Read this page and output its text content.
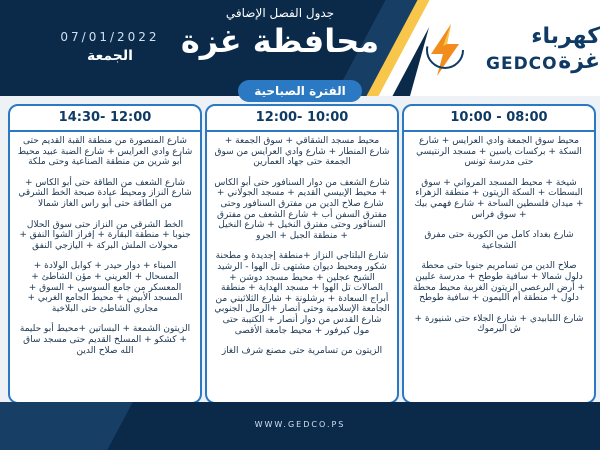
كهرباء غزة
GEDCO
جدول الفصل الإضافي
07/01/2022
الجمعة	محافظة غزة
الفترة الصباحية
14:30- 12:00
شارع المنصورة من منطقة القبة القديم حتى شارع وادي العرايس + شارع الضبة عبيد محيط أبو شرين من منطقة الصناعية وحتى ملكة
شارع الشعف من الطاقة حتى أبو الكاس + شارع النزاز ومحيط عيادة صبحة الخط الشرقي من الطاقة حتى أبو راس الغاز شمالا
الخط الشرقي من النزاز حتى سوق الحلال جنوبا + منطقة البقارة + إفراز الشوا النفق + محولات الملش البركة + اليازجي النفق
الميناء + دوار حيدر + كوابل الولادة + المسحال + العريني + مؤن الشاطئ + المعسكر من جامع السوسي + السوق + المسجد الأبيض + محيط الجامع الغربي + مجاري الشاطئ حتى البلاخية
الزيتون الشمعة + البساتين +محيط أبو حليمة + كشكو + المسلخ القديم حتى مسجد ساق الله صلاح الدين
12:00- 10:00
محيط مسجد الشقاقي + سوق الجمعة + شارع المنطار + شارع وادي العرايس من سوق الجمعة حتى جهاد العمارين
شارع الشعف من دوار السنافور حتى أبو الكاس + محيط الإبيسي القديم + مسجد الجولاني + شارع صلاح الدين من مفترق السنافور وحتى مفترق السفن أب + شارع الشعف من مفترق السنافور وحتى مفترق النخيل + شارع النخيل + منطقة الجبل + الجرو
شارع البلتاجي النزاز +منطقة إجديدة و مطحنة شكور ومحيط ديوان مشتهى تل الهوا - الرشيد الشيخ عجلين + محيط مسجد دوشن + الصالات تل الهوا + مسجد الهداية + منطقة أبراج السعادة + برشلونة + شارع الثلاثيني من الجامعة الإسلامية وحتى أنصار +الرمال الجنوبي شارع القدس من دوار أنصار + الكتيبة حتى مول كيرفور + محيط جامعة الأقصى
الزيتون من تسامرية حتى مصنع شرف الغاز
10:00 - 08:00
محيط سوق الجمعة وادي العرايس + شارع السكة + بركسات ياسين + مسجد الرنتيسي حتى مدرسة تونس
شيخة + محيط المسجد المرواني + سوق البسطات + السكة الزيتون + منطقة الزهراء + ميدان فلسطين الساحة + شارع فهمي بيك + سوق فراس
شارع بغداد كامل من الكوربة حتى مفرق الشجاعية
صلاح الدين من تسامريم جنوبا حتى محطة دلول شمالا + سافية طوطح + مدرسة عليين + أرض البرعصي الزيتون الغربية محيط محطة دلول + منطقة أم الليمون + سافية طوطح
شارع اللبابيدي + شارع الجلاء حتى شنيورة + ش اليرموك
WWW.GEDCO.PS
